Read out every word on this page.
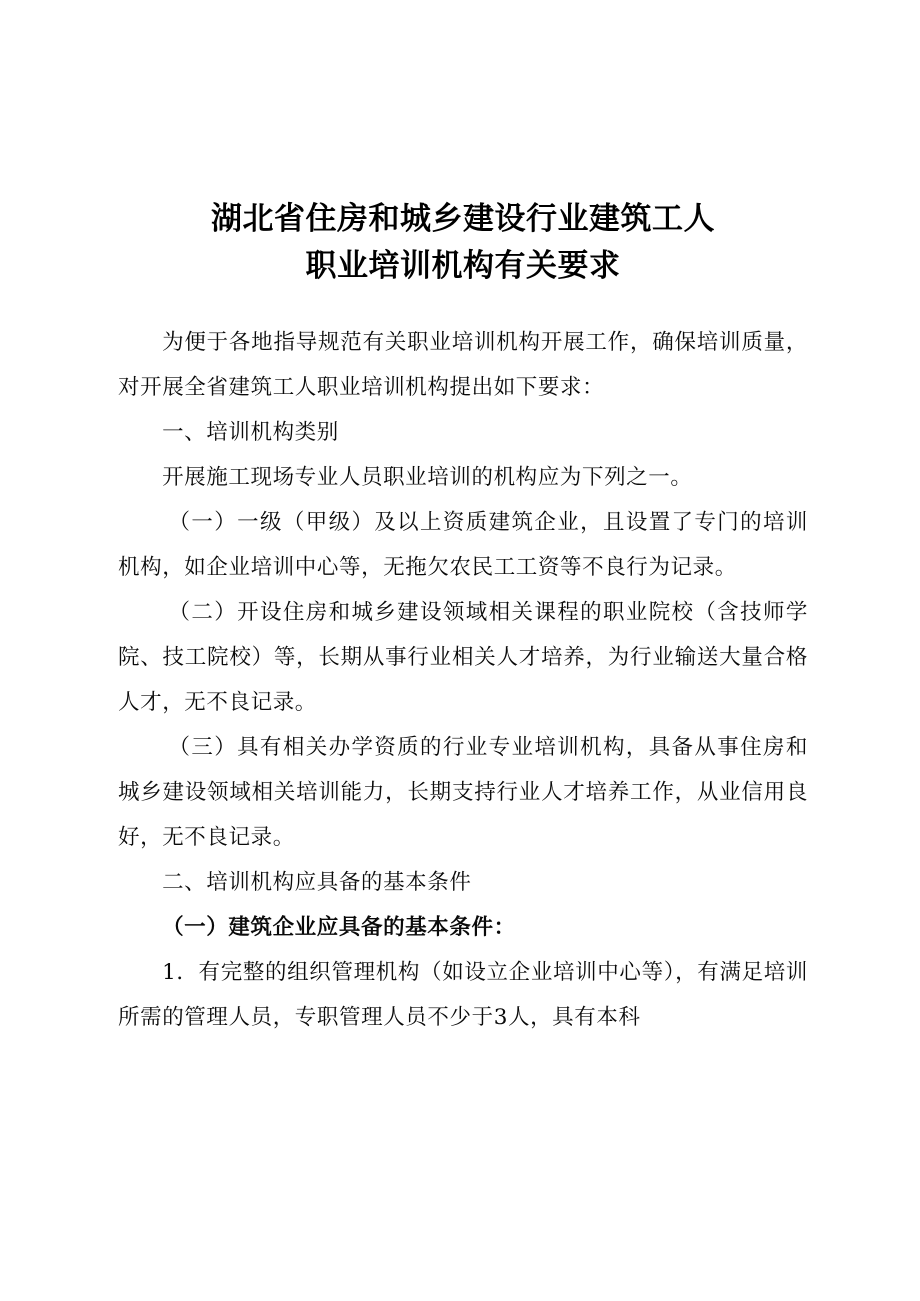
湖北省住房和城乡建设行业建筑工人
职业培训机构有关要求

为便于各地指导规范有关职业培训机构开展工作，确保培训质量，对开展全省建筑工人职业培训机构提出如下要求：

一、培训机构类别

开展施工现场专业人员职业培训的机构应为下列之一。

（一）一级（甲级）及以上资质建筑企业，且设置了专门的培训机构，如企业培训中心等，无拖欠农民工工资等不良行为记录。

（二）开设住房和城乡建设领域相关课程的职业院校（含技师学院、技工院校）等，长期从事行业相关人才培养，为行业输送大量合格人才，无不良记录。

（三）具有相关办学资质的行业专业培训机构，具备从事住房和城乡建设领域相关培训能力，长期支持行业人才培养工作，从业信用良好，无不良记录。

二、培训机构应具备的基本条件

（一）建筑企业应具备的基本条件：

1．有完整的组织管理机构（如设立企业培训中心等），有满足培训所需的管理人员，专职管理人员不少于3人，具有本科
